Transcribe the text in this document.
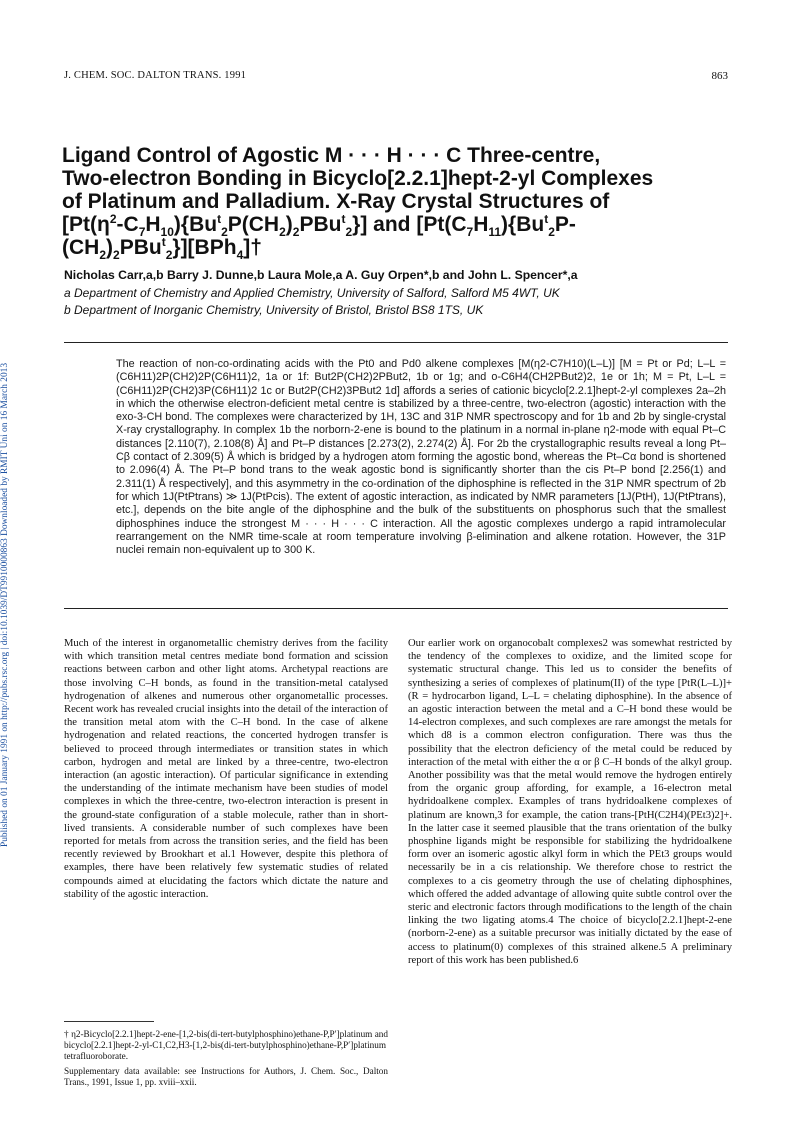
Published on 01 January 1991 on http://pubs.rsc.org | doi:10.1039/DT9910000863 Downloaded by RMIT Uni on 16 March 2013
J. CHEM. SOC. DALTON TRANS. 1991	863
Ligand Control of Agostic M · · · H · · · C Three-centre,
Two-electron Bonding in Bicyclo[2.2.1]hept-2-yl Complexes
of Platinum and Palladium. X-Ray Crystal Structures of
$[Pt(\eta^2-C_7H_{10})\{Bu^t_2P(CH_2)_2PBu^t_2\}]$ and [$Pt(C_7H_{11})\{Bu^t_2P-$
$(CH_2)_2PBu^t_2\}][BPh_4]\dagger$
Nicholas Carr,a,b Barry J. Dunne,b Laura Mole,a A. Guy Orpen*,b and John L. Spencer*,a
a Department of Chemistry and Applied Chemistry, University of Salford, Salford M5 4WT, UK
b Department of Inorganic Chemistry, University of Bristol, Bristol BS8 1TS, UK
The reaction of non-co-ordinating acids with the Pt0 and Pd0 alkene complexes [M(η2-C7H10)(L–L)] [M = Pt or Pd; L–L = (C6H11)2P(CH2)2P(C6H11)2, 1a or 1f: But2P(CH2)2PBut2, 1b or 1g; and o-C6H4(CH2PBut2)2, 1e or 1h; M = Pt, L–L = (C6H11)2P(CH2)3P(C6H11)2 1c or But2P(CH2)3PBut2 1d] affords a series of cationic bicyclo[2.2.1]hept-2-yl complexes 2a–2h in which the otherwise electron-deficient metal centre is stabilized by a three-centre, two-electron (agostic) interaction with the exo-3-CH bond. The complexes were characterized by 1H, 13C and 31P NMR spectroscopy and for 1b and 2b by single-crystal X-ray crystallography. In complex 1b the norborn-2-ene is bound to the platinum in a normal in-plane η2-mode with equal Pt–C distances [2.110(7), 2.108(8) Å] and Pt–P distances [2.273(2), 2.274(2) Å]. For 2b the crystallographic results reveal a long Pt–Cβ contact of 2.309(5) Å which is bridged by a hydrogen atom forming the agostic bond, whereas the Pt–Cα bond is shortened to 2.096(4) Å. The Pt–P bond trans to the weak agostic bond is significantly shorter than the cis Pt–P bond [2.256(1) and 2.311(1) Å respectively], and this asymmetry in the co-ordination of the diphosphine is reflected in the 31P NMR spectrum of 2b for which 1J(PtPtrans) ≫ 1J(PtPcis). The extent of agostic interaction, as indicated by NMR parameters [1J(PtH), 1J(PtPtrans), etc.], depends on the bite angle of the diphosphine and the bulk of the substituents on phosphorus such that the smallest diphosphines induce the strongest M · · · H · · · C interaction. All the agostic complexes undergo a rapid intramolecular rearrangement on the NMR time-scale at room temperature involving β-elimination and alkene rotation. However, the 31P nuclei remain non-equivalent up to 300 K.

Much of the interest in organometallic chemistry derives from the facility with which transition metal centres mediate bond formation and scission reactions between carbon and other light atoms. Archetypal reactions are those involving C–H bonds, as found in the transition-metal catalysed hydrogenation of alkenes and numerous other organometallic processes. Recent work has revealed crucial insights into the detail of the interaction of the transition metal atom with the C–H bond. In the case of alkene hydrogenation and related reactions, the concerted hydrogen transfer is believed to proceed through intermediates or transition states in which carbon, hydrogen and metal are linked by a three-centre, two-electron interaction (an agostic interaction). Of particular significance in extending the understanding of the intimate mechanism have been studies of model complexes in which the three-centre, two-electron interaction is present in the ground-state configuration of a stable molecule, rather than in short-lived transients. A considerable number of such complexes have been reported for metals from across the transition series, and the field has been recently reviewed by Brookhart et al.1 However, despite this plethora of examples, there have been relatively few systematic studies of related compounds aimed at elucidating the factors which dictate the nature and stability of the agostic interaction.

Our earlier work on organocobalt complexes2 was somewhat restricted by the tendency of the complexes to oxidize, and the limited scope for systematic structural change. This led us to consider the benefits of synthesizing a series of complexes of platinum(II) of the type [PtR(L–L)]+ (R = hydrocarbon ligand, L–L = chelating diphosphine). In the absence of an agostic interaction between the metal and a C–H bond these would be 14-electron complexes, and such complexes are rare amongst the metals for which d8 is a common electron configuration. There was thus the possibility that the electron deficiency of the metal could be reduced by interaction of the metal with either the α or β C–H bonds of the alkyl group. Another possibility was that the metal would remove the hydrogen entirely from the organic group affording, for example, a 16-electron metal hydridoalkene complex. Examples of trans hydridoalkene complexes of platinum are known,3 for example, the cation trans-[PtH(C2H4)(PEt3)2]+. In the latter case it seemed plausible that the trans orientation of the bulky phosphine ligands might be responsible for stabilizing the hydridoalkene form over an isomeric agostic alkyl form in which the PEt3 groups would necessarily be in a cis relationship. We therefore chose to restrict the complexes to a cis geometry through the use of chelating diphosphines, which offered the added advantage of allowing quite subtle control over the steric and electronic factors through modifications to the length of the chain linking the two ligating atoms.4 The choice of bicyclo[2.2.1]hept-2-ene (norborn-2-ene) as a suitable precursor was initially dictated by the ease of access to platinum(0) complexes of this strained alkene.5 A preliminary report of this work has been published.6

† η2-Bicyclo[2.2.1]hept-2-ene-[1,2-bis(di-tert-butylphosphino)ethane-P,P′]platinum and bicyclo[2.2.1]hept-2-yl-C1,C2,H3-[1,2-bis(di-tert-butylphosphino)ethane-P,P′]platinum tetrafluoroborate.
Supplementary data available: see Instructions for Authors, J. Chem. Soc., Dalton Trans., 1991, Issue 1, pp. xviii–xxii.
